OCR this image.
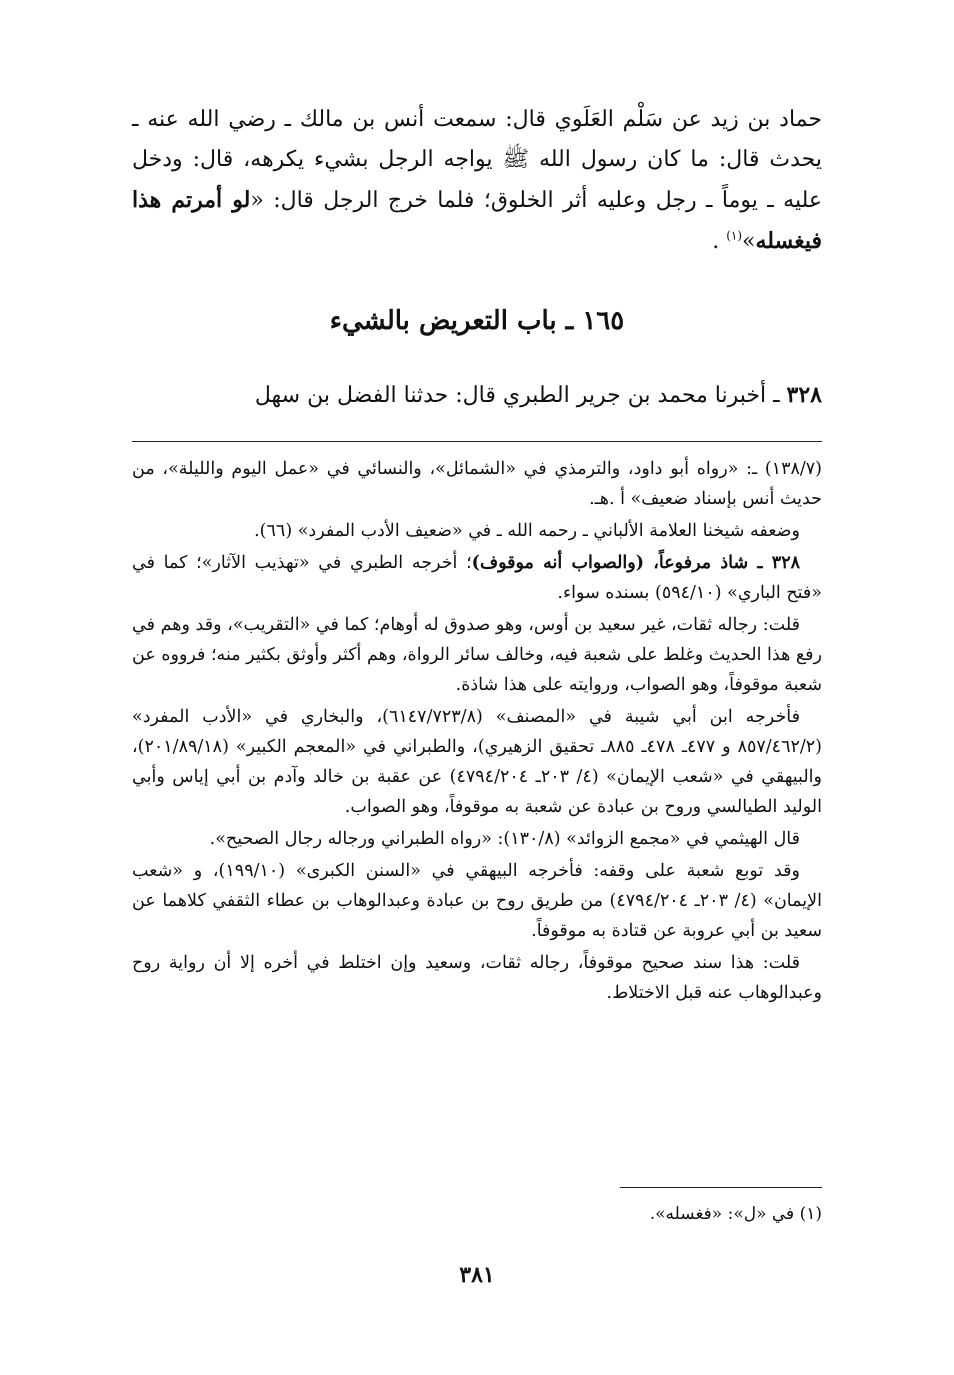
حماد بن زيد عن سَلْم العَلَوي قال: سمعت أنس بن مالك ـ رضي الله عنه ـ يحدث قال: ما كان رسول الله ﷺ يواجه الرجل بشيء يكرهه، قال: ودخل عليه ـ يوماً ـ رجل وعليه أثر الخلوق؛ فلما خرج الرجل قال: «لو أمرتم هذا فيغسله»$^{(١)}$ .

١٦٥ ـ باب التعريض بالشيء
٣٢٨ ـ أخبرنا محمد بن جرير الطبري قال: حدثنا الفضل بن سهل

(١٣٨/٧) ـ: «رواه أبو داود، والترمذي في «الشمائل»، والنسائي في «عمل اليوم والليلة»، من حديث أنس بإسناد ضعيف» أ .هـ.

وضعفه شيخنا العلامة الألباني ـ رحمه الله ـ في «ضعيف الأدب المفرد» (٦٦).

٣٢٨ ـ شاذ مرفوعاً، (والصواب أنه موقوف)؛ أخرجه الطبري في «تهذيب الآثار»؛ كما في «فتح الباري» (٥٩٤/١٠) بسنده سواء.

قلت: رجاله ثقات، غير سعيد بن أوس، وهو صدوق له أوهام؛ كما في «التقريب»، وقد وهم في رفع هذا الحديث وغلط على شعبة فيه، وخالف سائر الرواة، وهم أكثر وأوثق بكثير منه؛ فرووه عن شعبة موقوفاً، وهو الصواب، وروايته على هذا شاذة.

فأخرجه ابن أبي شيبة في «المصنف» (٦١٤٧/٧٢٣/٨)، والبخاري في «الأدب المفرد» (٨٥٧/٤٦٢/٢ و ٤٧٧ـ ٤٧٨ـ ٨٨٥ـ تحقيق الزهيري)، والطبراني في «المعجم الكبير» (٢٠١/٨٩/١٨)، والبيهقي في «شعب الإيمان» (٤/ ٢٠٣ـ ٤٧٩٤/٢٠٤) عن عقبة بن خالد وآدم بن أبي إياس وأبي الوليد الطيالسي وروح بن عبادة عن شعبة به موقوفاً، وهو الصواب.

قال الهيثمي في «مجمع الزوائد» (١٣٠/٨): «رواه الطبراني ورجاله رجال الصحيح».

وقد توبع شعبة على وقفه: فأخرجه البيهقي في «السنن الكبرى» (١٩٩/١٠)، و «شعب الإيمان» (٤/ ٢٠٣ـ ٤٧٩٤/٢٠٤) من طريق روح بن عبادة وعبدالوهاب بن عطاء الثقفي كلاهما عن سعيد بن أبي عروبة عن قتادة به موقوفاً.

قلت: هذا سند صحيح موقوفاً، رجاله ثقات، وسعيد وإن اختلط في أخره إلا أن رواية روح وعبدالوهاب عنه قبل الاختلاط.

(١) في «ل»: «فغسله».
٣٨١
